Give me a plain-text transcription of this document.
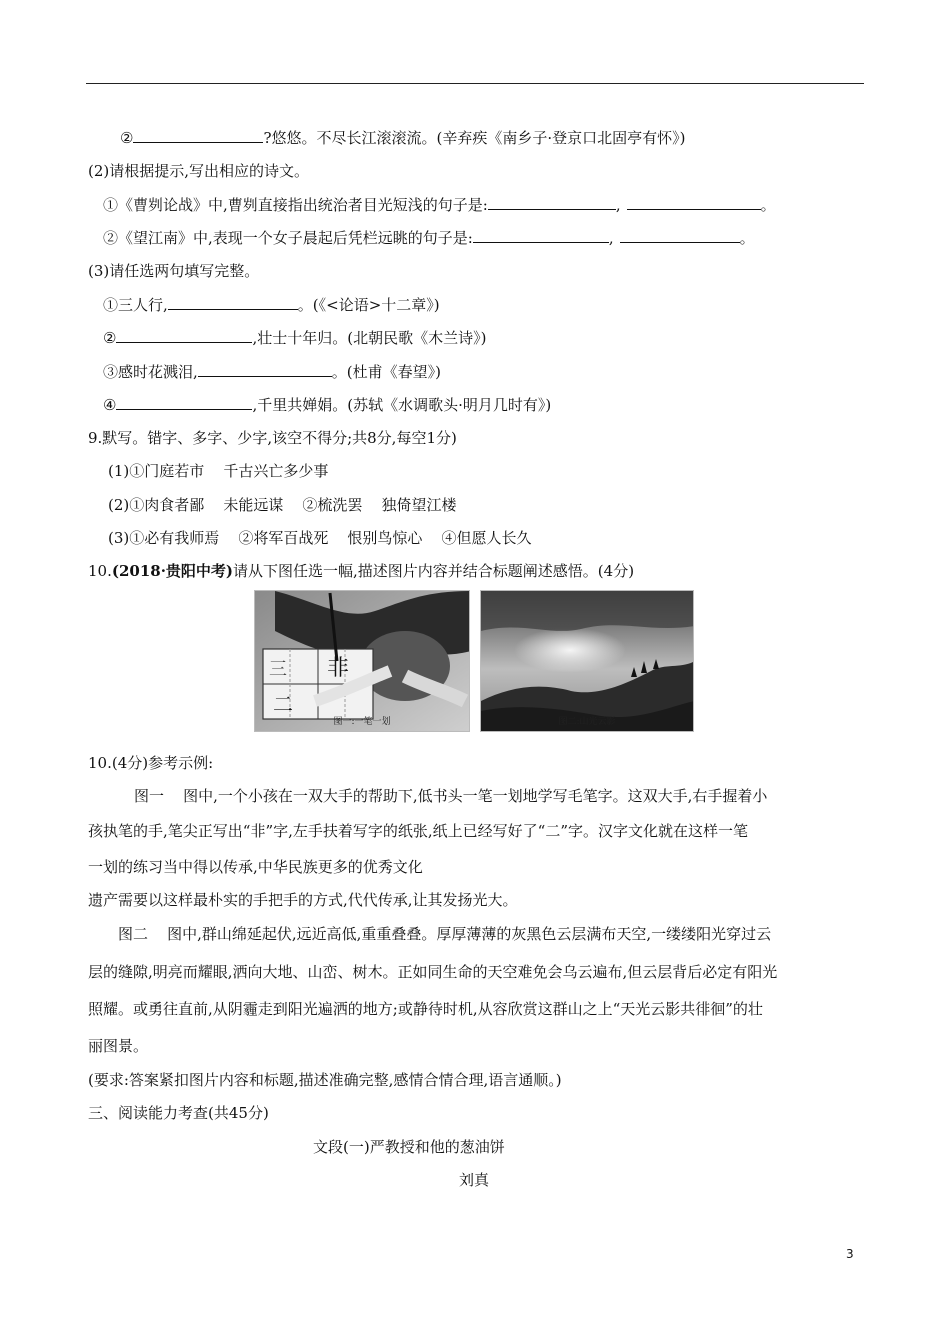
②	?悠悠。不尽长江滚滚流。(辛弃疾《南乡子·登京口北固亭有怀》)
(2)请根据提示,写出相应的诗文。
①《曹刿论战》中,曹刿直接指出统治者目光短浅的句子是:	,	。
②《望江南》中,表现一个女子晨起后凭栏远眺的句子是:	,	。
(3)请任选两句填写完整。
①三人行,	。(《<论语>十二章》)
②	,壮士十年归。(北朝民歌《木兰诗》)
③感时花溅泪,	。(杜甫《春望》)
④	,千里共婵娟。(苏轼《水调歌头·明月几时有》)
9.默写。错字、多字、少字,该空不得分;共8分,每空1分)
(1)①门庭若市    千古兴亡多少事
(2)①肉食者鄙    未能远谋    ②梳洗罢    独倚望江楼
(3)①必有我师焉    ②将军百战死    恨别鸟惊心    ④但愿人长久
10.(2018·贵阳中考)请从下图任选一幅,描述图片内容并结合标题阐述感悟。(4分)
非
二
三
图一:一笔一划	图二:山光云影
10.(4分)参考示例:
图一    图中,一个小孩在一双大手的帮助下,低书头一笔一划地学写毛笔字。这双大手,右手握着小
孩执笔的手,笔尖正写出“非”字,左手扶着写字的纸张,纸上已经写好了“二”字。汉字文化就在这样一笔
一划的练习当中得以传承,中华民族更多的优秀文化
遗产需要以这样最朴实的手把手的方式,代代传承,让其发扬光大。
图二    图中,群山绵延起伏,远近高低,重重叠叠。厚厚薄薄的灰黑色云层满布天空,一缕缕阳光穿过云
层的缝隙,明亮而耀眼,洒向大地、山峦、树木。正如同生命的天空难免会乌云遍布,但云层背后必定有阳光
照耀。或勇往直前,从阴霾走到阳光遍洒的地方;或静待时机,从容欣赏这群山之上“天光云影共徘徊”的壮
丽图景。
(要求:答案紧扣图片内容和标题,描述准确完整,感情合情合理,语言通顺。)
三、阅读能力考查(共45分)
文段(一)严教授和他的葱油饼
刘真
3
